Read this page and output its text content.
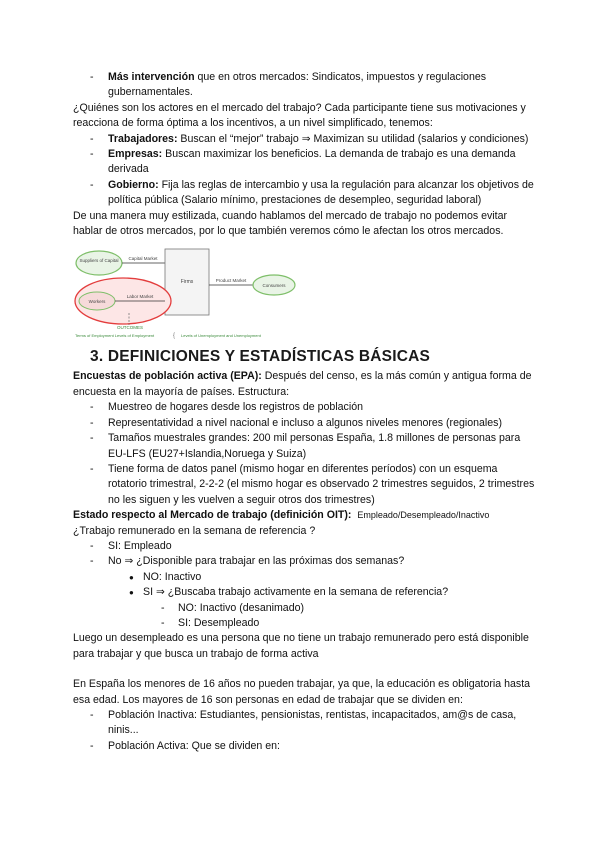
- Más intervención que en otros mercados: Sindicatos, impuestos y regulaciones gubernamentales.

¿Quiénes son los actores en el mercado del trabajo? Cada participante tiene sus motivaciones y reacciona de forma óptima a los incentivos, a un nivel simplificado, tenemos:

- Trabajadores: Buscan el “mejor” trabajo ⇒ Maximizan su utilidad (salarios y condiciones)
- Empresas: Buscan maximizar los beneficios. La demanda de trabajo es una demanda derivada
- Gobierno: Fija las reglas de intercambio y usa la regulación para alcanzar los objetivos de política pública (Salario mínimo, prestaciones de desempleo, seguridad laboral)

De una manera muy estilizada, cuando hablamos del mercado de trabajo no podemos evitar hablar de otros mercados, por lo que también veremos cómo le afectan los otros mercados.

Suppliers of Capital Capital Market
Firms	Product Market
Consumers
Workers
Labor Market
OUTCOMES
Terms of Employment Levels of Employment	{ Levels of Unemployment and Unemployment
3. DEFINICIONES Y ESTADÍSTICAS BÁSICAS

Encuestas de población activa (EPA): Después del censo, es la más común y antigua forma de encuesta en la mayoría de países. Estructura:

- Muestreo de hogares desde los registros de población
- Representatividad a nivel nacional e incluso a algunos niveles menores (regionales)
- Tamaños muestrales grandes: 200 mil personas España, 1.8 millones de personas para EU-LFS (EU27+Islandia,Noruega y Suiza)
- Tiene forma de datos panel (mismo hogar en diferentes períodos) con un esquema rotatorio trimestral, 2-2-2 (el mismo hogar es observado 2 trimestres seguidos, 2 trimestres no les siguen y les vuelven a seguir otros dos trimestres)

Estado respecto al Mercado de trabajo (definición OIT): Empleado/Desempleado/Inactivo

¿Trabajo remunerado en la semana de referencia ?

- SI: Empleado
- No ⇒ ¿Disponible para trabajar en las próximas dos semanas?
● NO: Inactivo
● SI ⇒ ¿Buscaba trabajo activamente en la semana de referencia?
- NO: Inactivo (desanimado)
- SI: Desempleado

Luego un desempleado es una persona que no tiene un trabajo remunerado pero está disponible para trabajar y que busca un trabajo de forma activa

En España los menores de 16 años no pueden trabajar, ya que, la educación es obligatoria hasta esa edad. Los mayores de 16 son personas en edad de trabajar que se dividen en:

- Población Inactiva: Estudiantes, pensionistas, rentistas, incapacitados, am@s de casa, ninis...
- Población Activa: Que se dividen en:
